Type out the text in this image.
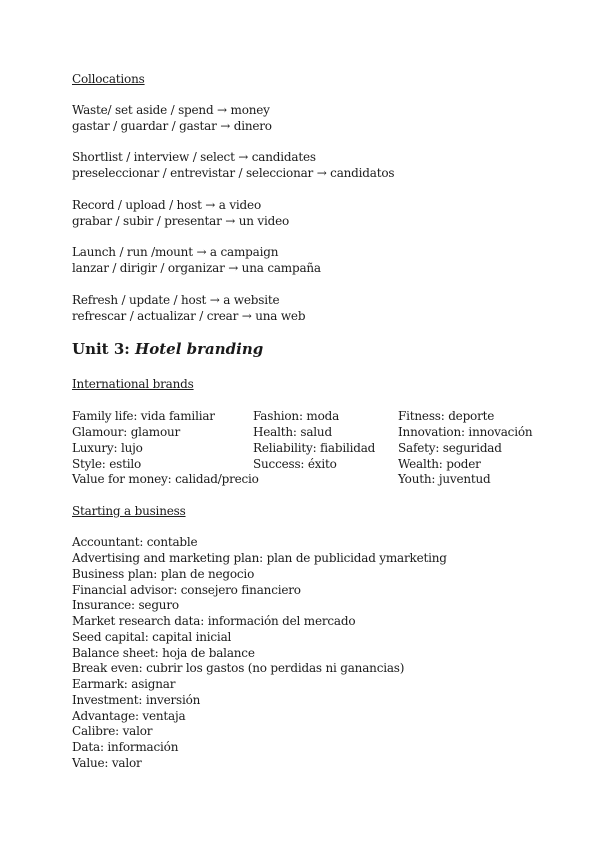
Collocations
Waste/ set aside / spend → money
gastar / guardar / gastar → dinero
Shortlist / interview / select → candidates
preseleccionar / entrevistar / seleccionar → candidatos
Record / upload / host → a video
grabar / subir / presentar → un video
Launch / run /mount → a campaign
lanzar / dirigir / organizar → una campaña
Refresh / update / host → a website
refrescar / actualizar / crear → una web
Unit 3: Hotel branding
International brands
Family life: vida familiar
Glamour: glamour
Luxury: lujo
Style: estilo
Value for money: calidad/precio
Fashion: moda
Health: salud
Reliability: fiabilidad
Success: éxito
Fitness: deporte
Innovation: innovación
Safety: seguridad
Wealth: poder
Youth: juventud
Starting a business
Accountant: contable
Advertising and marketing plan: plan de publicidad ymarketing
Business plan: plan de negocio
Financial advisor: consejero financiero
Insurance: seguro
Market research data: información del mercado
Seed capital: capital inicial
Balance sheet: hoja de balance
Break even: cubrir los gastos (no perdidas ni ganancias)
Earmark: asignar
Investment: inversión
Advantage: ventaja
Calibre: valor
Data: información
Value: valor
